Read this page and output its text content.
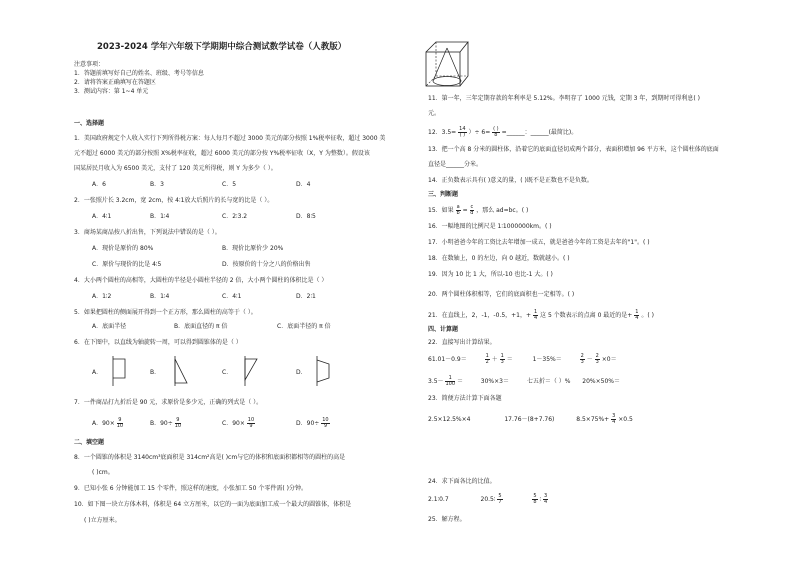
2023-2024 学年六年级下学期期中综合测试数学试卷（人教版）
注意事项：
1．答题前填写好自己的姓名、班级、考号等信息
2．请将答案正确填写在答题区
3．测试内容：第 1~4 单元
一、选择题
1．美国政府规定个人收入实行下列所得税方案：每人每月不超过 3000 美元的部分按照 1%税率征收，超过 3000 美
元不超过 6000 美元的部分按照 X%税率征收，超过 6000 美元的部分按 Y%税率征收（X，Y 为整数）。假设该
国某居民月收入为 6500 美元，支付了 120 美元所得税，则 Y 为多少（ ）。
A．6	B．3	C．5	D．4
2．一张照片长 3.2cm，宽 2cm，按 4∶1放大后照片的长与宽的比是（ ）。
A．4∶1	B．1∶4	C．2∶3.2	D．8∶5
3．商场某商品按八折出售，下列说法中错误的是（ ）。
A．现价是原价的 80%	B．现价比原价少 20%
C．原价与现价的比是 4∶5	D．按原价的十分之八的价格出售
4．大小两个圆柱的高相等，大圆柱的半径是小圆柱半径的 2 倍，大小两个圆柱的体积比是（ ）
A．1∶2	B．1∶4	C．4∶1	D．2∶1
5．如果把圆柱的侧面展开得到一个正方形，那么圆柱的高等于（ ）。
A．底面半径	B．底面直径的 π 倍	C．底面半径的 π 倍
6．在下图中，以直线为轴旋转一周，可以得到圆锥体的是（ ）
A．	B．	C．	D．
7．一件商品打九折后是 90 元，求原价是多少元，正确的列式是（ ）。
A．$90\times \frac{9}{10}$	B．$90\div \frac{9}{10}$	C．$90\times \frac{10}{9}$	D．$90\div \frac{10}{9}$
二、填空题
8．一个圆锥的体积是 3140cm³底面积是 314cm²高是( )cm与它的体积和底面积都相等的圆柱的高是
( )cm。
9．已知小张 6 分钟能加工 15 个零件，照这样的速度，小张加工 50 个零件需( )分钟。
10．如下图一块立方体木料，体积是 64 立方厘米，以它的一面为底面加工成一个最大的圆锥体，体积是
( )立方厘米。
11．第一年，三年定期存款的年利率是 5.12%。李明存了 1000 元钱，定期 3 年，到期时可得利息( )
元。
12．$3.5= \frac{14}{( )}$ ）÷ $6= \frac{( )}{8}$ =______：______(最简比)。
13．把一个高 8 分米的圆柱体，沿着它的底面直径切成两个部分，表面积增加 96 平方米，这个圆柱体的底面
直径是______分米。
14．正负数表示具有( )意义的量，( )既不是正数也不是负数。
三、判断题
15．如果 $\frac{a}{b} = \frac{c}{d}$ ，那么 ad=bc。( )
16．一幅地图的比例尺是 1∶1000000km。( )
17．小明爸爸今年的工资比去年增加一成五，就是爸爸今年的工资是去年的"1"。( )
18．在数轴上，0 的左边，向 0 越近，数就越小。( )
19．因为 10 比 1 大，所以-10 也比-1 大。( )
20．两个圆柱体积相等，它们的底面积也一定相等。( )
21．在直线上，2，-1，-0.5，+1，+ $\frac{1}{4}$ 这 5 个数表示的点离 0 最近的是+ $\frac{1}{4}$ 。( )
四、计算题
22．直接写出计算结果。
61.01－0.9＝	$\frac{1}{2} + \frac{1}{3}$ ＝	1－35%＝	$\frac{2}{3} - \frac{2}{3} \times 0=$
$3.5- \frac{1}{100}$ ＝	30%×3＝	七五折＝（ ）% 20%×50%＝
23．简便方法计算下面各题
2.5×12.5%×4	17.76－(8+7.76)	$8.5\times 75\%+ \frac{3}{4} \times 0.5$
24．求下面各比的比值。
2.1∶0.7	20.5∶ $\frac{5}{7}$
	$\frac{5}{8}$ ∶ $\frac{3}{4}$
25．解方程。
